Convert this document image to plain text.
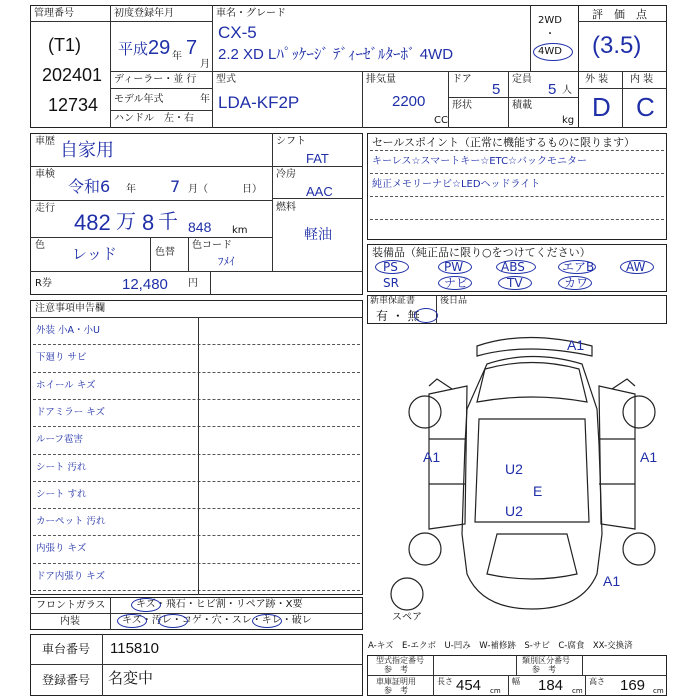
管理番号
(T1)
202401
12734
初度登録年月
平成 29 年 7
月
ディーラー・並 行
モデル年式	年
ハンドル　左・右
車名・グレード
CX-5
2.2 XD Lﾊﾟｯｹｰｼﾞ ﾃﾞｨｰｾﾞﾙﾀｰﾎﾞ 4WD
2WD
・
4WD
型式
LDA-KF2P
排気量
2200
CC
ドア
5
定員
5 人
形状	積載
kg
評　価　点
(3.5)
外 装 内 装
D C
車歴 自家用
車検
令和6 年 7 月（	日）
走行
482 万 8 千 848 km
色 レッド	色替
色コード
ﾌﾒｲ
シフト
FAT
冷房
AAC
燃料
軽油
R券	12,480 円
セールスポイント（正常に機能するものに限ります）
キーレス☆スマートキー☆ETC☆バックモニター
純正メモリーナビ☆LEDヘッドライト
装備品（純正品に限り○をつけてください）
PS	PW	ABS	エアB	AW
SR	ナビ	TV	カワ
新車保証書
有 ・ 無
後日品
注意事項申告欄
外装 小A・小U
下廻り サビ
ホイール キズ
ドアミラー キズ
ルーフ雹害
シート 汚れ
シート すれ
カーペット 汚れ
内張り キズ
ドア内張り キズ
A1
A1	A1
U2
E
U2
A1
スペア
フロントガラス	キズ・飛石・ヒビ割・リペア跡・X要
内装	キズ・汚レ・コゲ・穴・スレ・キレ・破レ
車台番号 115810
登録番号 名変中
A-キズ　E-エクボ　U-凹み　W-補修跡　S-サビ　C-腐食　XX-交換済
型式指定番号
参　考
類別区分番号
参　考
車庫証明用
参　考
長さ 454 cm
幅 184 cm
高さ 169 cm
